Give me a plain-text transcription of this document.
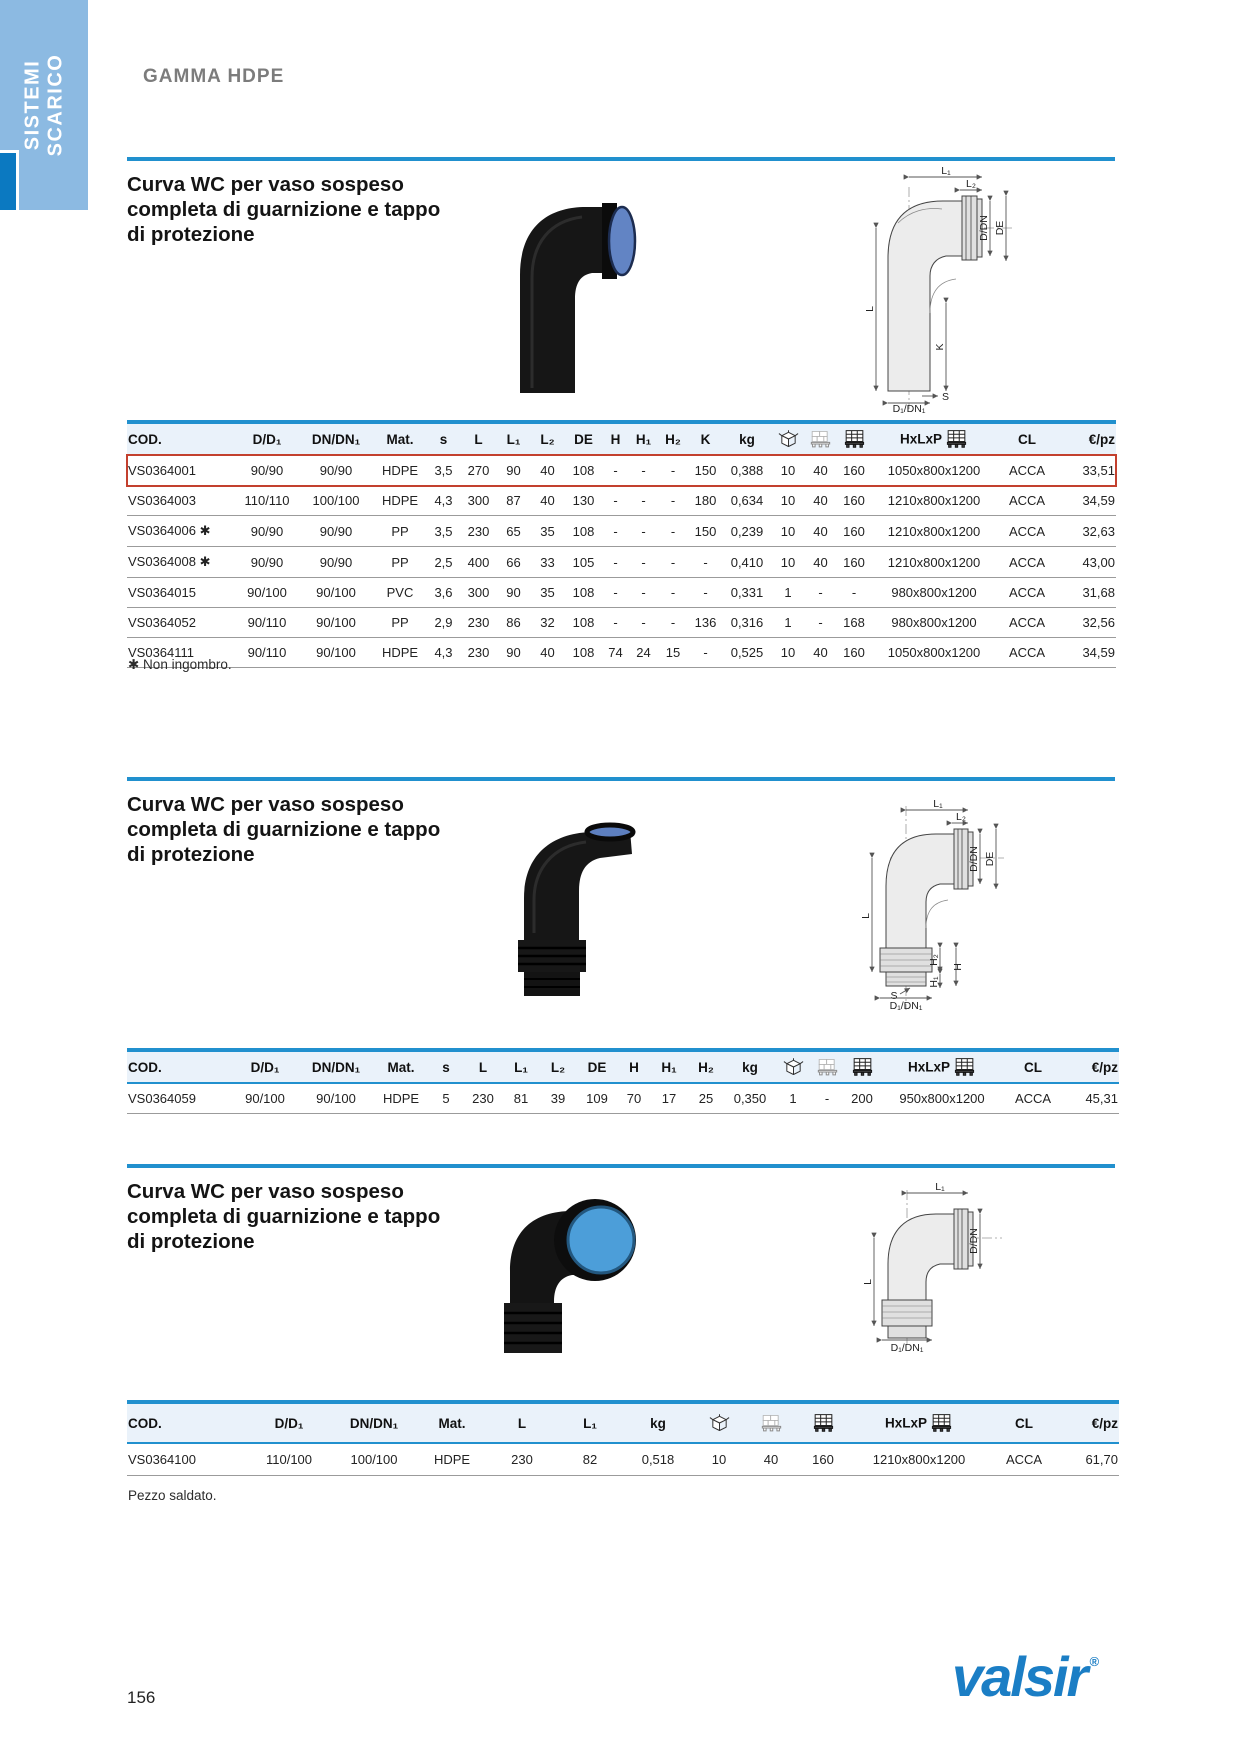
SISTEMI SCARICO	GAMMA HDPE
Curva WC per vaso sospeso completa di guarnizione e tappo di protezione
L₁
L₂
D/DN DE
L
K
S
D₁/DN₁
COD.	D/D₁	DN/DN₁	Mat.	s	L	L₁	L₂	DE	H	H₁	H₂	K	kg				HxLxP	CL	€/pz
VS0364001	90/90	90/90	HDPE	3,5	270	90	40	108	-	-	-	150	0,388	10	40	160	1050x800x1200	ACCA	33,51
VS0364003	110/110	100/100	HDPE	4,3	300	87	40	130	-	-	-	180	0,634	10	40	160	1210x800x1200	ACCA	34,59
VS0364006 ✱	90/90	90/90	PP	3,5	230	65	35	108	-	-	-	150	0,239	10	40	160	1210x800x1200	ACCA	32,63
VS0364008 ✱	90/90	90/90	PP	2,5	400	66	33	105	-	-	-	-	0,410	10	40	160	1210x800x1200	ACCA	43,00
VS0364015	90/100	90/100	PVC	3,6	300	90	35	108	-	-	-	-	0,331	1	-	-	980x800x1200	ACCA	31,68
VS0364052	90/110	90/100	PP	2,9	230	86	32	108	-	-	-	136	0,316	1	-	168	980x800x1200	ACCA	32,56
VS0364111	90/110	90/100	HDPE	4,3	230	90	40	108	74	24	15	-	0,525	10	40	160	1050x800x1200	ACCA	34,59
✱ Non ingombro.
Curva WC per vaso sospeso completa di guarnizione e tappo di protezione
L₁
L₂
D/DN DE
L
H₂
H
S
H₁
D₁/DN₁
COD.	D/D₁	DN/DN₁	Mat.	s	L	L₁	L₂	DE	H	H₁	H₂	kg				HxLxP	CL	€/pz
VS0364059	90/100	90/100	HDPE	5	230	81	39	109	70	17	25	0,350	1	-	200	950x800x1200	ACCA	45,31
Curva WC per vaso sospeso completa di guarnizione e tappo di protezione
L₁
D/DN
L
D₁/DN₁
COD.	D/D₁	DN/DN₁	Mat.	L	L₁	kg				HxLxP	CL	€/pz
VS0364100	110/100	100/100	HDPE	230	82	0,518	10	40	160	1210x800x1200	ACCA	61,70
Pezzo saldato.
156	valsir ®
